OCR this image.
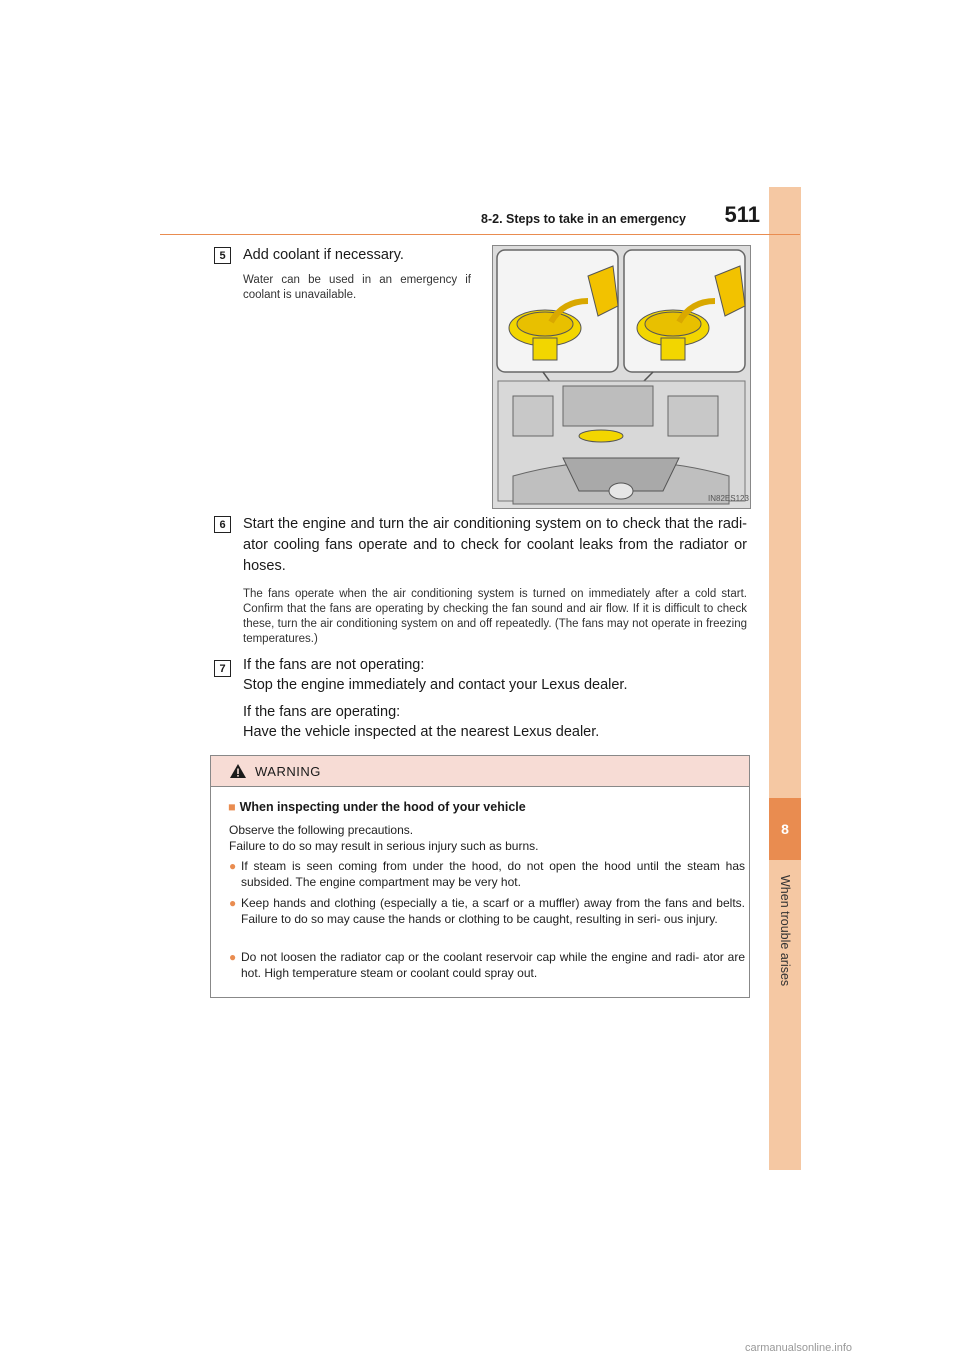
8
When trouble arises
8-2. Steps to take in an emergency 511
5	Add coolant if necessary.
Water can be used in an emergency if coolant is unavailable.
IN82ES123
6	Start the engine and turn the air conditioning system on to check that the radi- ator cooling fans operate and to check for coolant leaks from the radiator or hoses.
The fans operate when the air conditioning system is turned on immediately after a cold start. Confirm that the fans are operating by checking the fan sound and air flow. If it is difficult to check these, turn the air conditioning system on and off repeatedly. (The fans may not operate in freezing temperatures.)
7	If the fans are not operating:
Stop the engine immediately and contact your Lexus dealer.
If the fans are operating:
Have the vehicle inspected at the nearest Lexus dealer.
WARNING
■ When inspecting under the hood of your vehicle
Observe the following precautions.
Failure to do so may result in serious injury such as burns.
● If steam is seen coming from under the hood, do not open the hood until the steam has subsided. The engine compartment may be very hot.
● Keep hands and clothing (especially a tie, a scarf or a muffler) away from the fans and belts. Failure to do so may cause the hands or clothing to be caught, resulting in seri- ous injury.
● Do not loosen the radiator cap or the coolant reservoir cap while the engine and radi- ator are hot. High temperature steam or coolant could spray out.
carmanualsonline.info
